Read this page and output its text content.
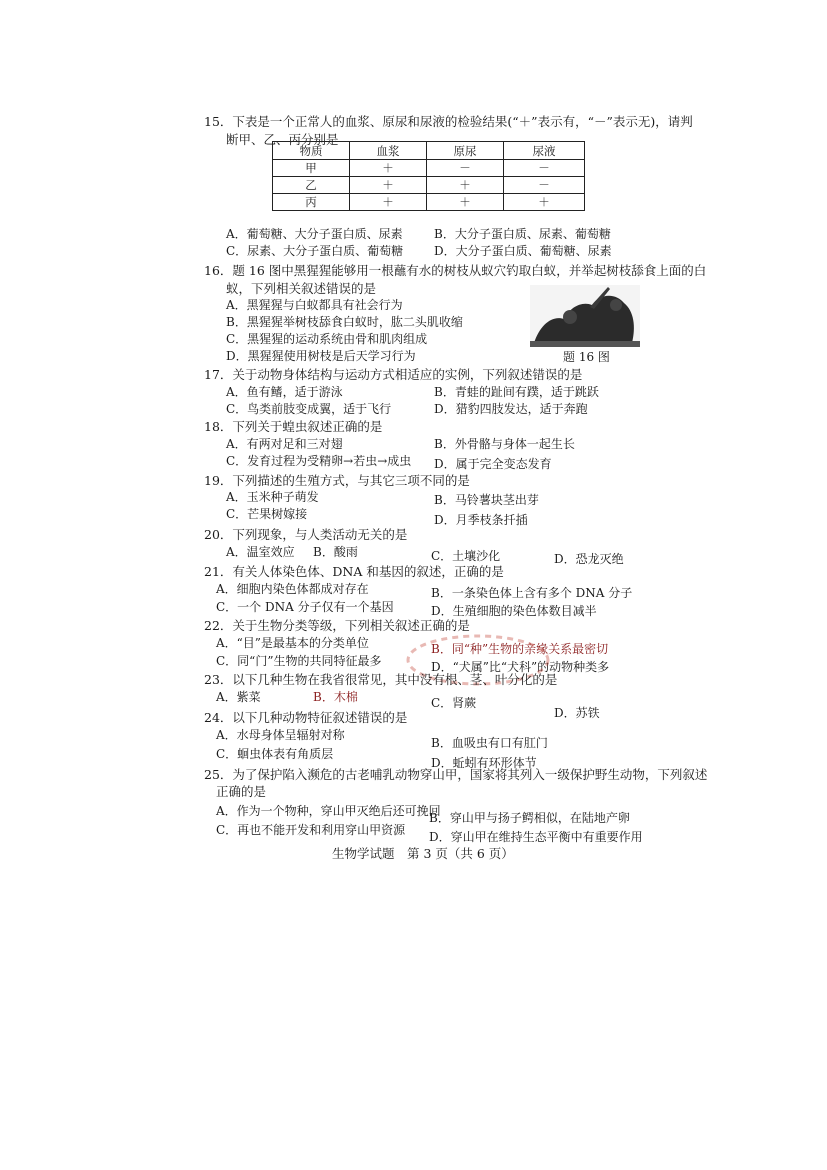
15．下表是一个正常人的血浆、原尿和尿液的检验结果(“＋”表示有，“－”表示无)，请判
断甲、乙、丙分别是
物质	血浆	原尿	尿液
甲	＋	－	－
乙	＋	＋	－
丙	＋	＋	＋
A．葡萄糖、大分子蛋白质、尿素	B．大分子蛋白质、尿素、葡萄糖
C．尿素、大分子蛋白质、葡萄糖	D．大分子蛋白质、葡萄糖、尿素
16．题 16 图中黑猩猩能够用一根蘸有水的树枝从蚁穴钓取白蚁，并举起树枝舔食上面的白
蚁，下列相关叙述错误的是
A．黑猩猩与白蚁都具有社会行为
B．黑猩猩举树枝舔食白蚁时，肱二头肌收缩
C．黑猩猩的运动系统由骨和肌肉组成
D．黑猩猩使用树枝是后天学习行为	题 16 图
17．关于动物身体结构与运动方式相适应的实例，下列叙述错误的是
A．鱼有鳍，适于游泳	B．青蛙的趾间有蹼，适于跳跃
C．鸟类前肢变成翼，适于飞行	D．猎豹四肢发达，适于奔跑
18．下列关于蝗虫叙述正确的是
A．有两对足和三对翅	B．外骨骼与身体一起生长
C．发育过程为受精卵→若虫→成虫 D．属于完全变态发育
19．下列描述的生殖方式，与其它三项不同的是
A．玉米种子萌发	B．马铃薯块茎出芽
C．芒果树嫁接	D．月季枝条扦插
20．下列现象，与人类活动无关的是
A．温室效应 B．酸雨	C．土壤沙化	D．恐龙灭绝
21．有关人体染色体、DNA 和基因的叙述，正确的是
A．细胞内染色体都成对存在	B．一条染色体上含有多个 DNA 分子
C．一个 DNA 分子仅有一个基因	D．生殖细胞的染色体数目减半
22．关于生物分类等级，下列相关叙述正确的是
A．“目”是最基本的分类单位	B．同“种”生物的亲缘关系最密切
C．同“门”生物的共同特征最多	D．“犬属”比“犬科”的动物种类多
23．以下几种生物在我省很常见，其中没有根、茎、叶分化的是
A．紫菜	B．木棉	C．肾蕨
D．苏铁
24．以下几种动物特征叙述错误的是
A．水母身体呈辐射对称
B．血吸虫有口有肛门
C．蛔虫体表有角质层
D．蚯蚓有环形体节
25．为了保护陷入濒危的古老哺乳动物穿山甲，国家将其列入一级保护野生动物，下列叙述
正确的是
A．作为一个物种，穿山甲灭绝后还可挽回
B．穿山甲与扬子鳄相似，在陆地产卵
C．再也不能开发和利用穿山甲资源 D．穿山甲在维持生态平衡中有重要作用
生物学试题　第 3 页（共 6 页）
